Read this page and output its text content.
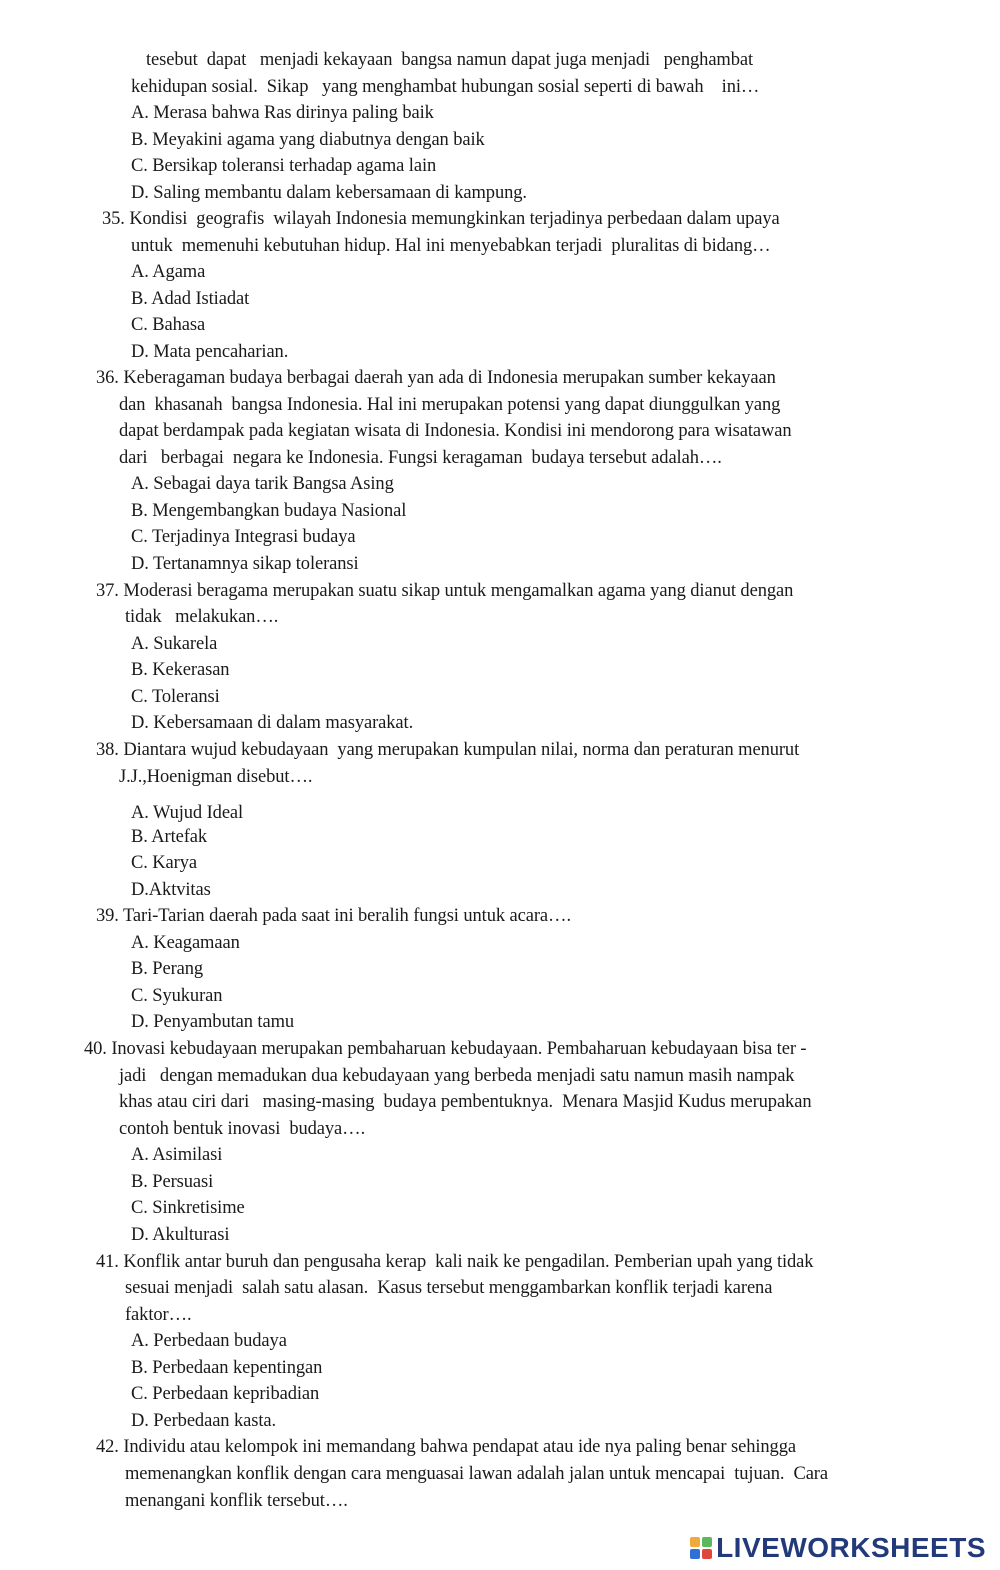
tesebut  dapat   menjadi kekayaan  bangsa namun dapat juga menjadi   penghambat
kehidupan sosial.  Sikap   yang menghambat hubungan sosial seperti di bawah    ini…
A. Merasa bahwa Ras dirinya paling baik
B. Meyakini agama yang diabutnya dengan baik
C. Bersikap toleransi terhadap agama lain
D. Saling membantu dalam kebersamaan di kampung.
35. Kondisi  geografis  wilayah Indonesia memungkinkan terjadinya perbedaan dalam upaya
untuk  memenuhi kebutuhan hidup. Hal ini menyebabkan terjadi  pluralitas di bidang…
A. Agama
B. Adad Istiadat
C. Bahasa
D. Mata pencaharian.
36. Keberagaman budaya berbagai daerah yan ada di Indonesia merupakan sumber kekayaan
dan  khasanah  bangsa Indonesia. Hal ini merupakan potensi yang dapat diunggulkan yang
dapat berdampak pada kegiatan wisata di Indonesia. Kondisi ini mendorong para wisatawan
dari   berbagai  negara ke Indonesia. Fungsi keragaman  budaya tersebut adalah….
A. Sebagai daya tarik Bangsa Asing
B. Mengembangkan budaya Nasional
C. Terjadinya Integrasi budaya
D. Tertanamnya sikap toleransi
37. Moderasi beragama merupakan suatu sikap untuk mengamalkan agama yang dianut dengan
tidak   melakukan….
A. Sukarela
B. Kekerasan
C. Toleransi
D. Kebersamaan di dalam masyarakat.
38. Diantara wujud kebudayaan  yang merupakan kumpulan nilai, norma dan peraturan menurut
J.J.,Hoenigman disebut….
A. Wujud Ideal
B. Artefak
C. Karya
D.Aktvitas
39. Tari-Tarian daerah pada saat ini beralih fungsi untuk acara….
A. Keagamaan
B. Perang
C. Syukuran
D. Penyambutan tamu
40. Inovasi kebudayaan merupakan pembaharuan kebudayaan. Pembaharuan kebudayaan bisa ter -
jadi   dengan memadukan dua kebudayaan yang berbeda menjadi satu namun masih nampak
khas atau ciri dari   masing-masing  budaya pembentuknya.  Menara Masjid Kudus merupakan
contoh bentuk inovasi  budaya….
A. Asimilasi
B. Persuasi
C. Sinkretisime
D. Akulturasi
41. Konflik antar buruh dan pengusaha kerap  kali naik ke pengadilan. Pemberian upah yang tidak
sesuai menjadi  salah satu alasan.  Kasus tersebut menggambarkan konflik terjadi karena
faktor….
A. Perbedaan budaya
B. Perbedaan kepentingan
C. Perbedaan kepribadian
D. Perbedaan kasta.
42. Individu atau kelompok ini memandang bahwa pendapat atau ide nya paling benar sehingga
memenangkan konflik dengan cara menguasai lawan adalah jalan untuk mencapai  tujuan.  Cara
menangani konflik tersebut….
LIVEWORKSHEETS
